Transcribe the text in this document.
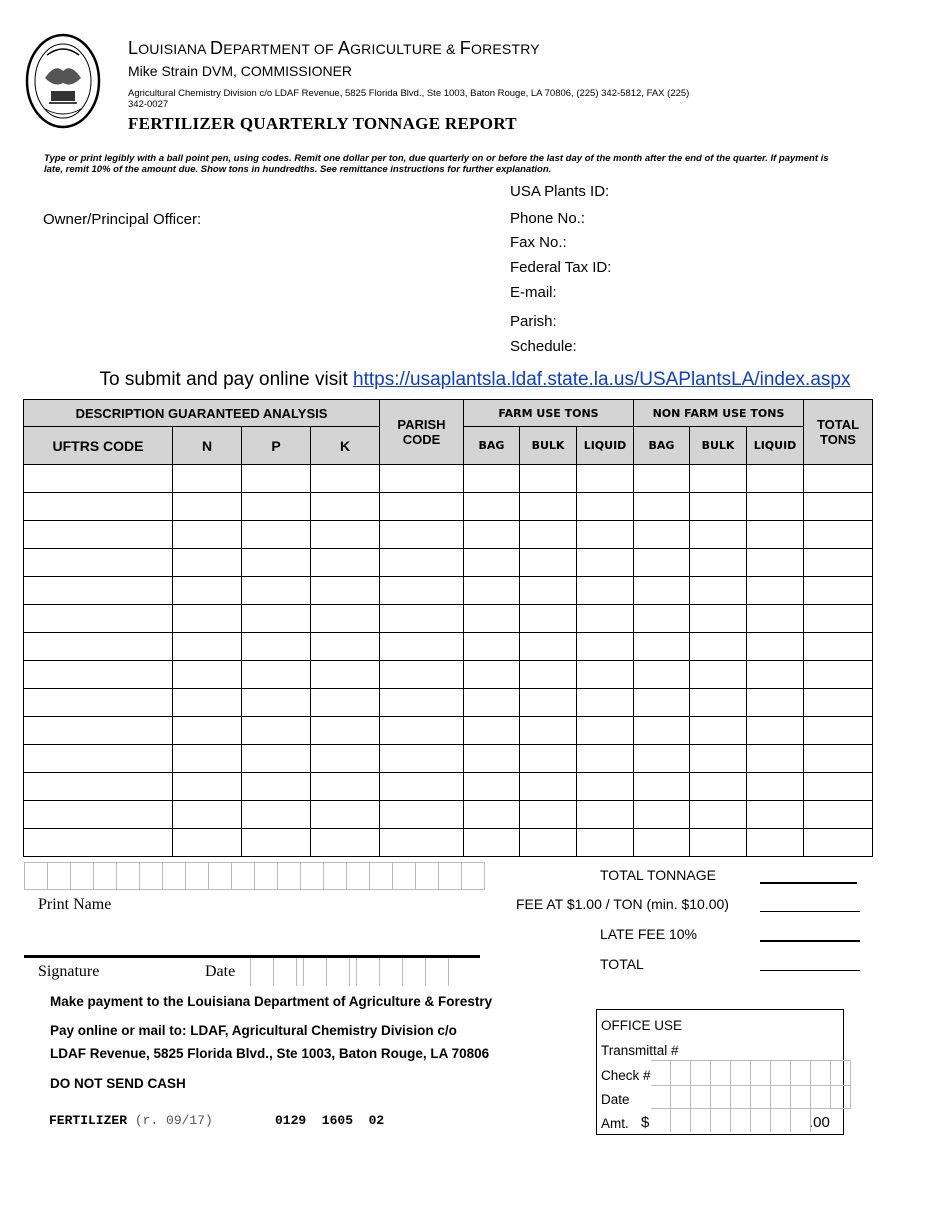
LOUISIANA DEPARTMENT OF AGRICULTURE & FORESTRY
Mike Strain DVM, COMMISSIONER
Agricultural Chemistry Division c/o LDAF Revenue, 5825 Florida Blvd., Ste 1003, Baton Rouge, LA 70806, (225) 342-5812, FAX (225) 342-0027
FERTILIZER QUARTERLY TONNAGE REPORT
Type or print legibly with a ball point pen, using codes. Remit one dollar per ton, due quarterly on or before the last day of the month after the end of the quarter. If payment is late, remit 10% of the amount due. Show tons in hundredths. See remittance instructions for further explanation.
Owner/Principal Officer:
USA Plants ID:
Phone No.:
Fax No.:
Federal Tax ID:
E-mail:
Parish:
Schedule:
To submit and pay online visit https://usaplantsla.ldaf.state.la.us/USAPlantsLA/index.aspx
DESCRIPTION GUARANTEED ANALYSIS				PARISH CODE	FARM USE TONS			NON FARM USE TONS			TOTAL TONS
UFTRS CODE	N	P	K		BAG	BULK	LIQUID	BAG	BULK	LIQUID	

Print Name
Signature	Date
TOTAL TONNAGE
FEE AT $1.00 / TON (min. $10.00)
LATE FEE 10%
TOTAL
Make payment to the Louisiana Department of Agriculture & Forestry
Pay online or mail to: LDAF, Agricultural Chemistry Division c/o
LDAF Revenue, 5825 Florida Blvd., Ste 1003, Baton Rouge, LA 70806
DO NOT SEND CASH
FERTILIZER (r. 09/17)	0129  1605  02
OFFICE USE
Transmittal #
Check #
Date
Amt. $	.00
